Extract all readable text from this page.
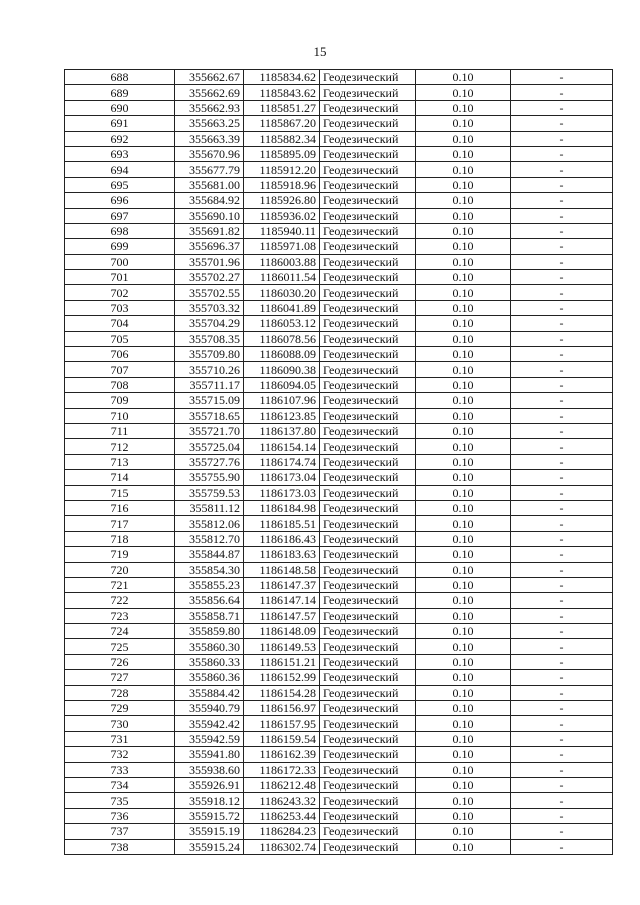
15
688	355662.67	1185834.62	Геодезический	0.10	-
689	355662.69	1185843.62	Геодезический	0.10	-
690	355662.93	1185851.27	Геодезический	0.10	-
691	355663.25	1185867.20	Геодезический	0.10	-
692	355663.39	1185882.34	Геодезический	0.10	-
693	355670.96	1185895.09	Геодезический	0.10	-
694	355677.79	1185912.20	Геодезический	0.10	-
695	355681.00	1185918.96	Геодезический	0.10	-
696	355684.92	1185926.80	Геодезический	0.10	-
697	355690.10	1185936.02	Геодезический	0.10	-
698	355691.82	1185940.11	Геодезический	0.10	-
699	355696.37	1185971.08	Геодезический	0.10	-
700	355701.96	1186003.88	Геодезический	0.10	-
701	355702.27	1186011.54	Геодезический	0.10	-
702	355702.55	1186030.20	Геодезический	0.10	-
703	355703.32	1186041.89	Геодезический	0.10	-
704	355704.29	1186053.12	Геодезический	0.10	-
705	355708.35	1186078.56	Геодезический	0.10	-
706	355709.80	1186088.09	Геодезический	0.10	-
707	355710.26	1186090.38	Геодезический	0.10	-
708	355711.17	1186094.05	Геодезический	0.10	-
709	355715.09	1186107.96	Геодезический	0.10	-
710	355718.65	1186123.85	Геодезический	0.10	-
711	355721.70	1186137.80	Геодезический	0.10	-
712	355725.04	1186154.14	Геодезический	0.10	-
713	355727.76	1186174.74	Геодезический	0.10	-
714	355755.90	1186173.04	Геодезический	0.10	-
715	355759.53	1186173.03	Геодезический	0.10	-
716	355811.12	1186184.98	Геодезический	0.10	-
717	355812.06	1186185.51	Геодезический	0.10	-
718	355812.70	1186186.43	Геодезический	0.10	-
719	355844.87	1186183.63	Геодезический	0.10	-
720	355854.30	1186148.58	Геодезический	0.10	-
721	355855.23	1186147.37	Геодезический	0.10	-
722	355856.64	1186147.14	Геодезический	0.10	-
723	355858.71	1186147.57	Геодезический	0.10	-
724	355859.80	1186148.09	Геодезический	0.10	-
725	355860.30	1186149.53	Геодезический	0.10	-
726	355860.33	1186151.21	Геодезический	0.10	-
727	355860.36	1186152.99	Геодезический	0.10	-
728	355884.42	1186154.28	Геодезический	0.10	-
729	355940.79	1186156.97	Геодезический	0.10	-
730	355942.42	1186157.95	Геодезический	0.10	-
731	355942.59	1186159.54	Геодезический	0.10	-
732	355941.80	1186162.39	Геодезический	0.10	-
733	355938.60	1186172.33	Геодезический	0.10	-
734	355926.91	1186212.48	Геодезический	0.10	-
735	355918.12	1186243.32	Геодезический	0.10	-
736	355915.72	1186253.44	Геодезический	0.10	-
737	355915.19	1186284.23	Геодезический	0.10	-
738	355915.24	1186302.74	Геодезический	0.10	-
